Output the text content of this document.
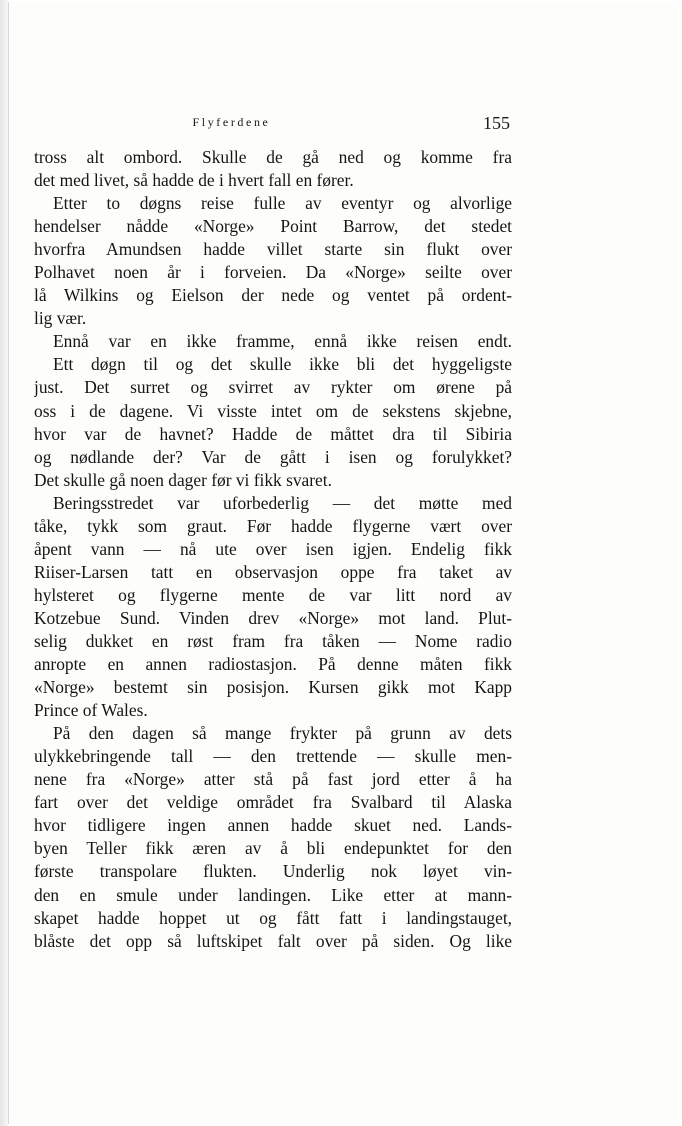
Flyferdene	155
tross alt ombord. Skulle de gå ned og komme fra
det med livet, så hadde de i hvert fall en fører.
Etter to døgns reise fulle av eventyr og alvorlige
hendelser nådde «Norge» Point Barrow, det stedet
hvorfra Amundsen hadde villet starte sin flukt over
Polhavet noen år i forveien. Da «Norge» seilte over
lå Wilkins og Eielson der nede og ventet på ordent-
lig vær.
Ennå var en ikke framme, ennå ikke reisen endt.
Ett døgn til og det skulle ikke bli det hyggeligste
just. Det surret og svirret av rykter om ørene på
oss i de dagene. Vi visste intet om de sekstens skjebne,
hvor var de havnet? Hadde de måttet dra til Sibiria
og nødlande der? Var de gått i isen og forulykket?
Det skulle gå noen dager før vi fikk svaret.
Beringsstredet var uforbederlig — det møtte med
tåke, tykk som graut. Før hadde flygerne vært over
åpent vann — nå ute over isen igjen. Endelig fikk
Riiser-Larsen tatt en observasjon oppe fra taket av
hylsteret og flygerne mente de var litt nord av
Kotzebue Sund. Vinden drev «Norge» mot land. Plut-
selig dukket en røst fram fra tåken — Nome radio
anropte en annen radiostasjon. På denne måten fikk
«Norge» bestemt sin posisjon. Kursen gikk mot Kapp
Prince of Wales.
På den dagen så mange frykter på grunn av dets
ulykkebringende tall — den trettende — skulle men-
nene fra «Norge» atter stå på fast jord etter å ha
fart over det veldige området fra Svalbard til Alaska
hvor tidligere ingen annen hadde skuet ned. Lands-
byen Teller fikk æren av å bli endepunktet for den
første transpolare flukten. Underlig nok løyet vin-
den en smule under landingen. Like etter at mann-
skapet hadde hoppet ut og fått fatt i landingstauget,
blåste det opp så luftskipet falt over på siden. Og like
